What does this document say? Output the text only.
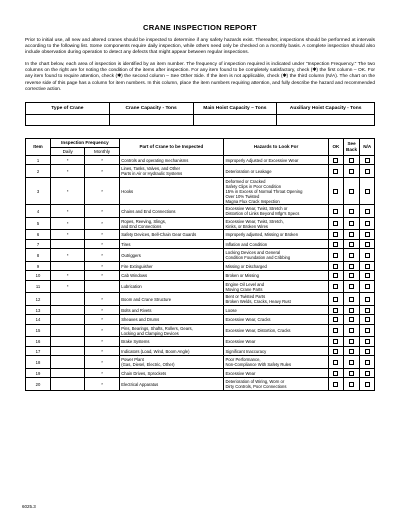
CRANE INSPECTION REPORT

Prior to initial use, all new and altered cranes should be inspected to determine if any safety hazards exist. Thereafter, inspections should be performed at intervals according to the following list. Some components require daily inspection, while others need only be checked on a monthly basis. A complete inspection should also include observation during operation to detect any defects that might appear between regular inspections.

In the chart below, each area of inspection is identified by an item number. The frequency of inspection required is indicated under "Inspection Frequency." The two columns on the right are for noting the condition of the items after inspection. For any item found to be completely satisfactory, check (✱) the first column – OK. For any item found to require attention, check (✱) the second column – See Other Side. If the item is not applicable, check (✱) the third column (N/A). The chart on the reverse side of this page has a column for item numbers. In this column, place the item numbers requiring attention, and fully describe the hazard and recommended corrective action.

Type of Crane	Crane Capacity - Tons	Main Hoist Capacity – Tons	Auxiliary Hoist Capacity - Tons

Item	Inspection Frequency		Part of Crane to be Inspected	Hazards to Look For	OK	See Back	N/A
	Daily	Monthly					
1	*	*	Controls and operating mechanisms	Improperly Adjusted or Excessive Wear			

2	*	*	Lines, Tanks, Valves, and Other
Parts in Air or Hydraulic Systems	Deterioration or Leakage			

3	*	*	Hooks	Deformed or Cracked
Safety Clips in Poor Condition
15% in Excess of Normal Throat Opening
Over 10% Twisted
Magna Flux Crack Inspection			

4	*	*	Chains and End Connections	Excessive Wear, Twist, Stretch or
Distortion of Links Beyond Mfgr's Specs			

5	*	*	Ropes, Reeving, Slings,
and End Connections	Excessive Wear, Twist, Stretch,
Kinks, or Broken Wires			

6	*	*	Safety Devices, Bell-Chain Gear Guards	Improperly adjusted, Missing or Broken			

7		*	Tires	Inflation and Condition			

8	*	*	Outriggers	Locking Devices and General
Condition Foundation and Cribbing			

9		*	Fire Extinguisher	Missing or Discharged			

10	*	*	Cab Windows	Broken or Missing			

11	*		Lubrication	Engine Oil Level and
Moving Crane Parts			

12		*	Boom and Crane Structure	Bent or Twisted Parts
Broken Welds, Cracks, Heavy Rust			

13		*	Bolts and Rivets	Loose			

14		*	Sheaves and Drums	Excessive Wear, Cracks			

15		*	Pins, Bearings, Shafts, Rollers, Gears,
Locking and Clamping Devices	Excessive Wear, Distortion, Cracks			

16		*	Brake Systems	Excessive Wear			

17		*	Indicators (Load, Wind, Boom Angle)	Significant Inaccuracy			

18		*	Power Plant
(Gas, Diesel, Electric, Other)	Poor Performance,
Non-Compliance With Safety Rules			

19		*	Chain Drives, Sprockets	Excessive Wear			

20		*	Electrical Apparatus	Deterioration of Wiring, Worn or
Dirty Controls, Poor Connections			

6025.3
